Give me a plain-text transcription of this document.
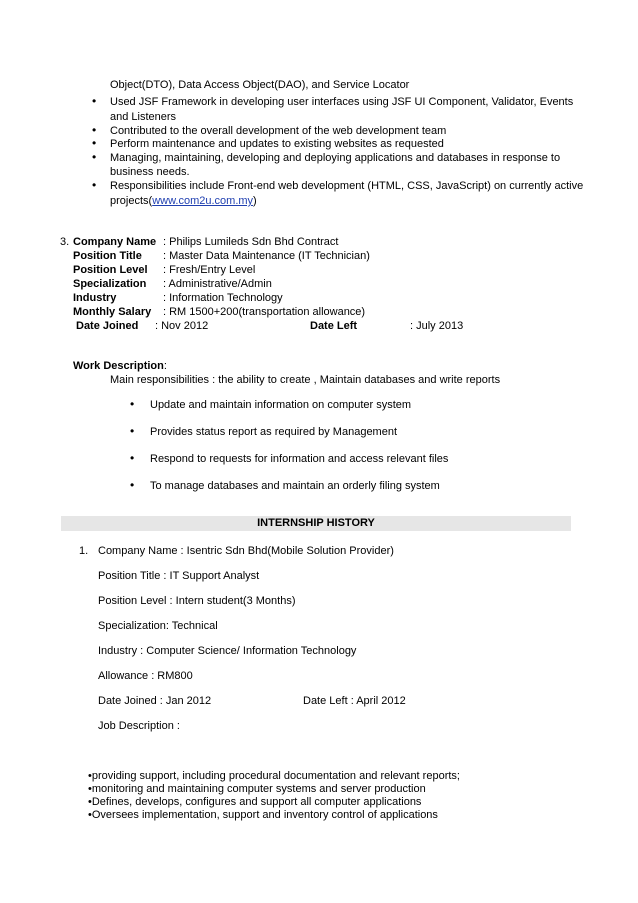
Object(DTO), Data Access Object(DAO), and Service Locator
• Used JSF Framework in developing user interfaces using JSF UI Component, Validator, Events
and Listeners
• Contributed to the overall development of the web development team
• Perform maintenance and updates to existing websites as requested
• Managing, maintaining, developing and deploying applications and databases in response to
business needs.
• Responsibilities include Front-end web development (HTML, CSS, JavaScript) on currently active
projects(www.com2u.com.my)
3. Company Name : Philips Lumileds Sdn Bhd Contract
Position Title : Master Data Maintenance (IT Technician)
Position Level : Fresh/Entry Level
Specialization : Administrative/Admin
Industry	: Information Technology
Monthly Salary : RM 1500+200(transportation allowance)
Date Joined : Nov 2012	Date Left	: July 2013
Work Description:
Main responsibilities : the ability to create , Maintain databases and write reports
• Update and maintain information on computer system
• Provides status report as required by Management
• Respond to requests for information and access relevant files
• To manage databases and maintain an orderly filing system
INTERNSHIP HISTORY
1. Company Name : Isentric Sdn Bhd(Mobile Solution Provider)
Position Title : IT Support Analyst
Position Level : Intern student(3 Months)
Specialization: Technical
Industry : Computer Science/ Information Technology
Allowance : RM800
Date Joined : Jan 2012	Date Left : April 2012
Job Description :
•providing support, including procedural documentation and relevant reports;
•monitoring and maintaining computer systems and server production
•Defines, develops, configures and support all computer applications
•Oversees implementation, support and inventory control of applications
